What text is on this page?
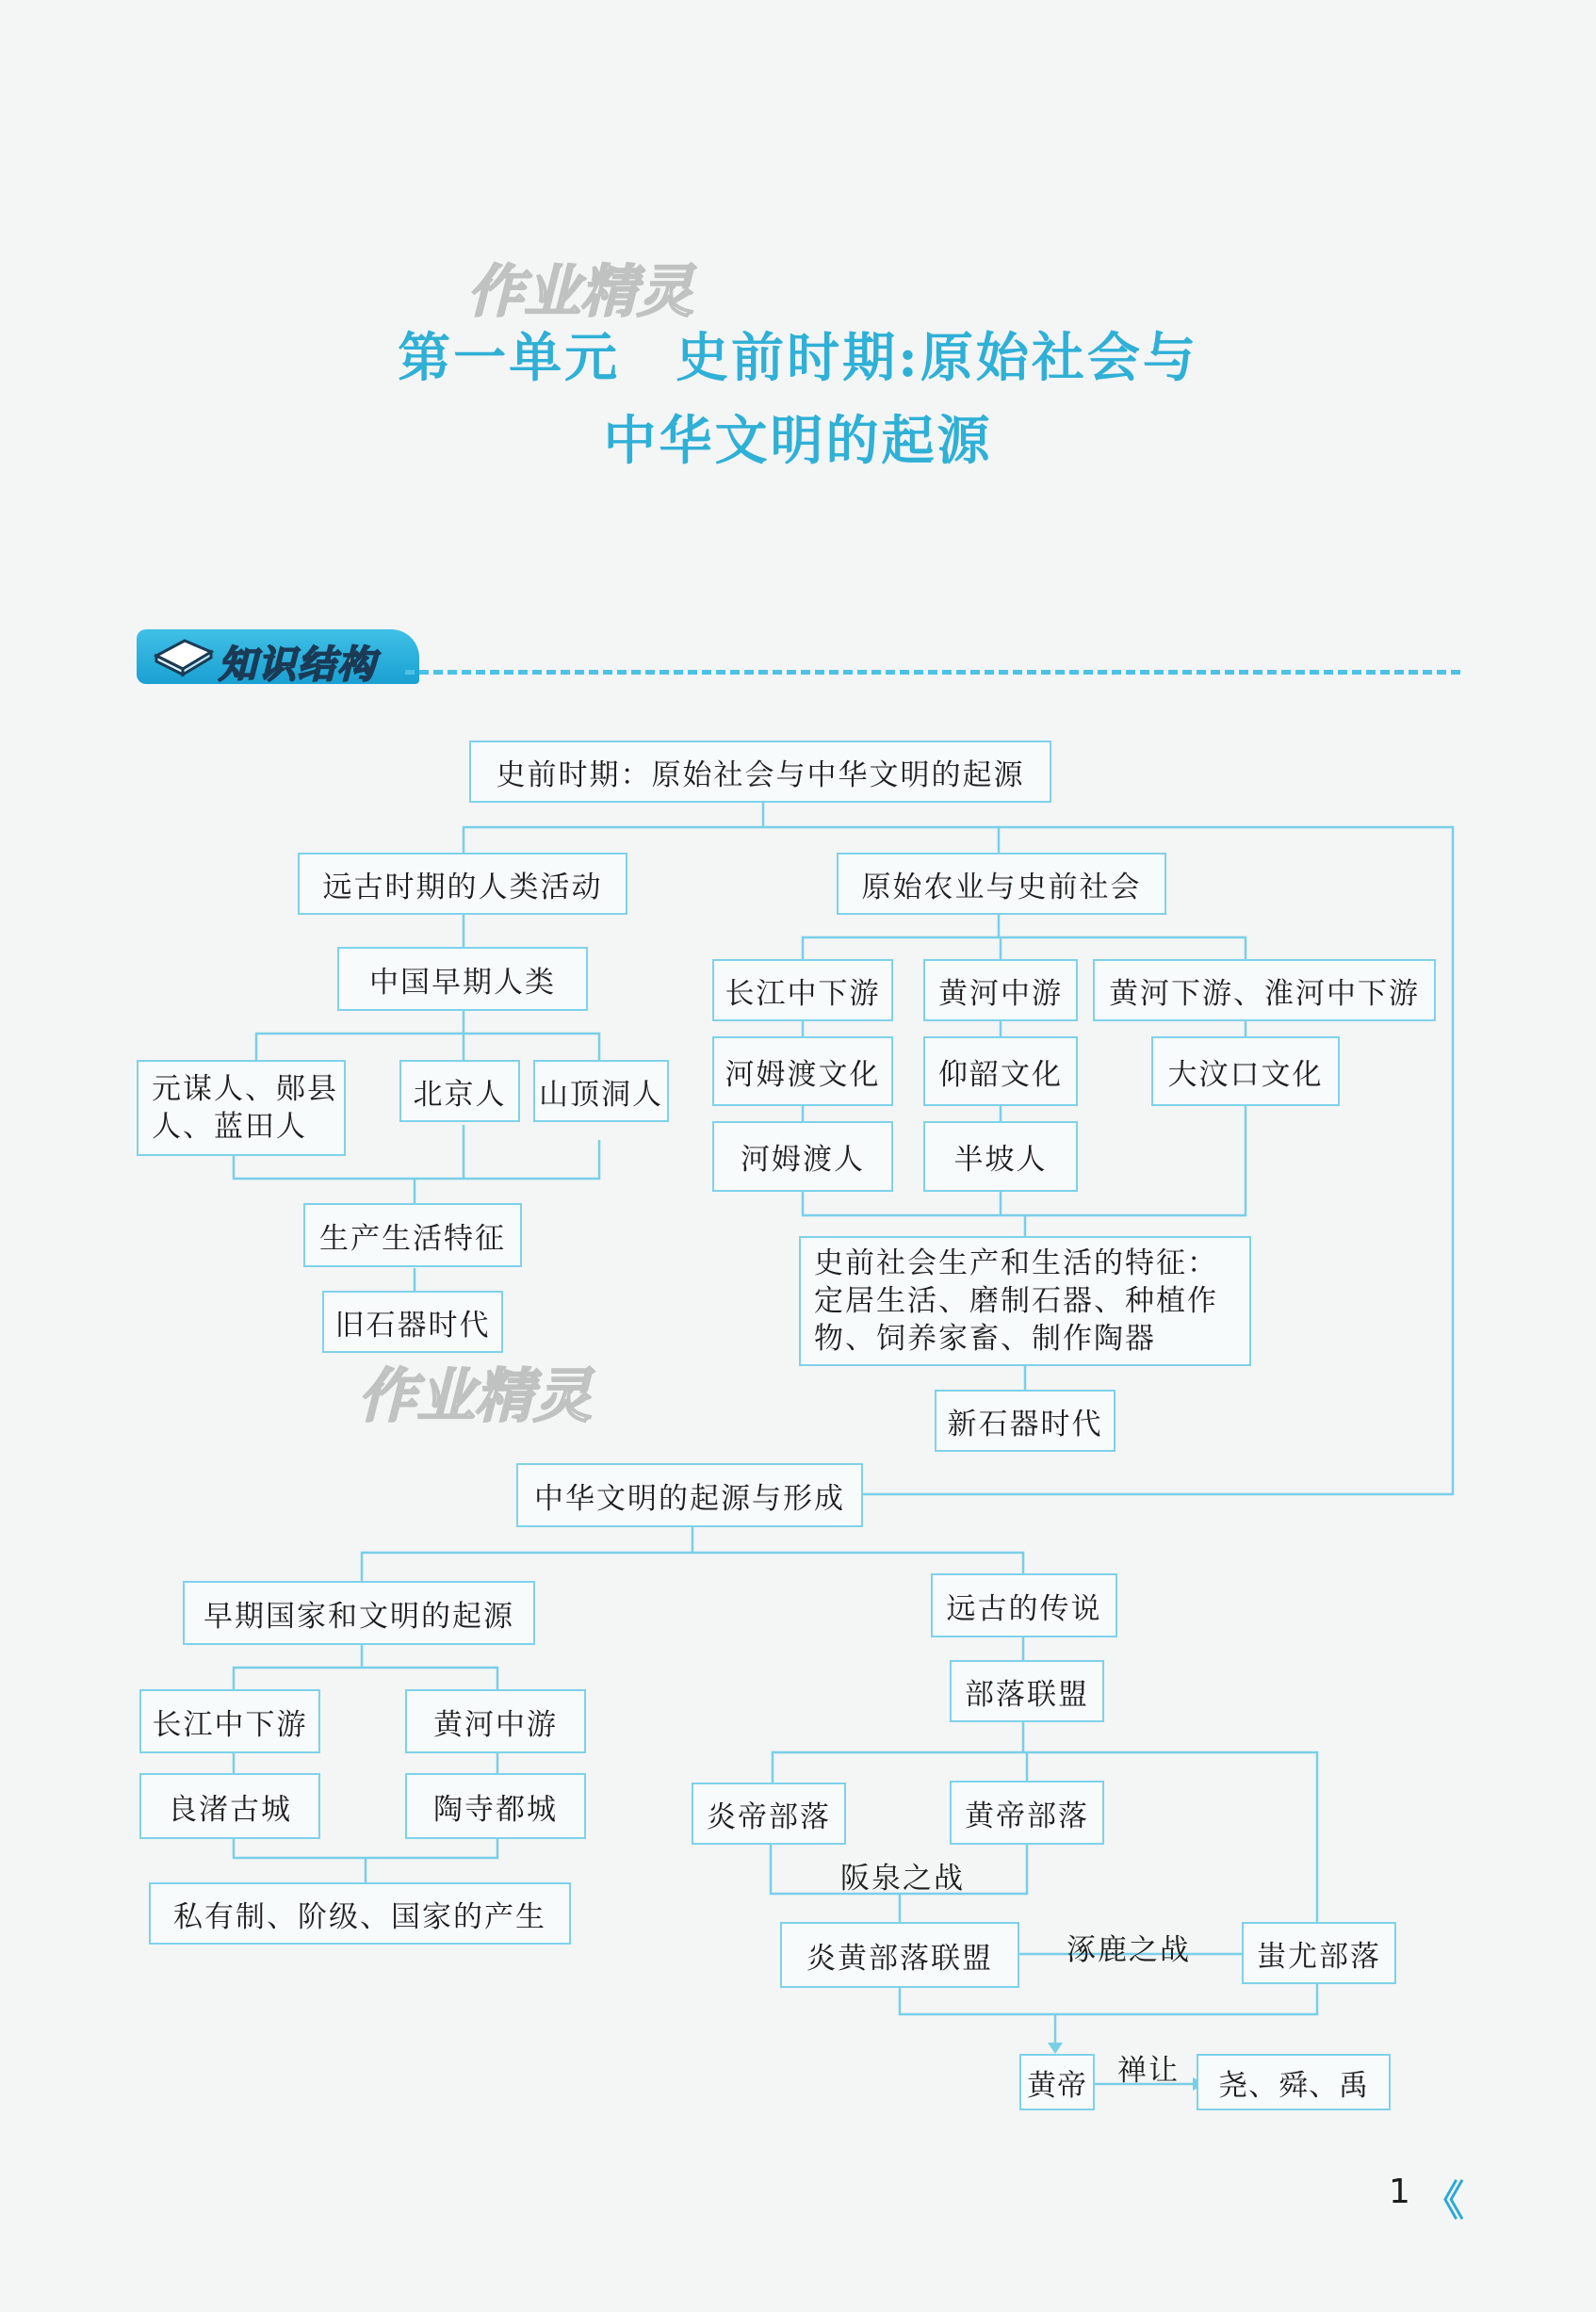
作业精灵
作业精灵
第一单元　史前时期:原始社会与
中华文明的起源
知识结构
史前时期：原始社会与中华文明的起源
远古时期的人类活动
中国早期人类
元谋人、郧县人、蓝田人
北京人	山顶洞人
生产生活特征
旧石器时代
原始农业与史前社会
长江中下游	黄河中游	黄河下游、淮河中下游
河姆渡文化	仰韶文化	大汶口文化
河姆渡人	半坡人
史前社会生产和生活的特征：定居生活、磨制石器、种植作物、饲养家畜、制作陶器
新石器时代
中华文明的起源与形成
早期国家和文明的起源
长江中下游	黄河中游
良渚古城	陶寺都城
私有制、阶级、国家的产生
远古的传说
部落联盟
炎帝部落	黄帝部落
阪泉之战
炎黄部落联盟	涿鹿之战	蚩尤部落
黄帝 禅让	尧、舜、禹
1 《
